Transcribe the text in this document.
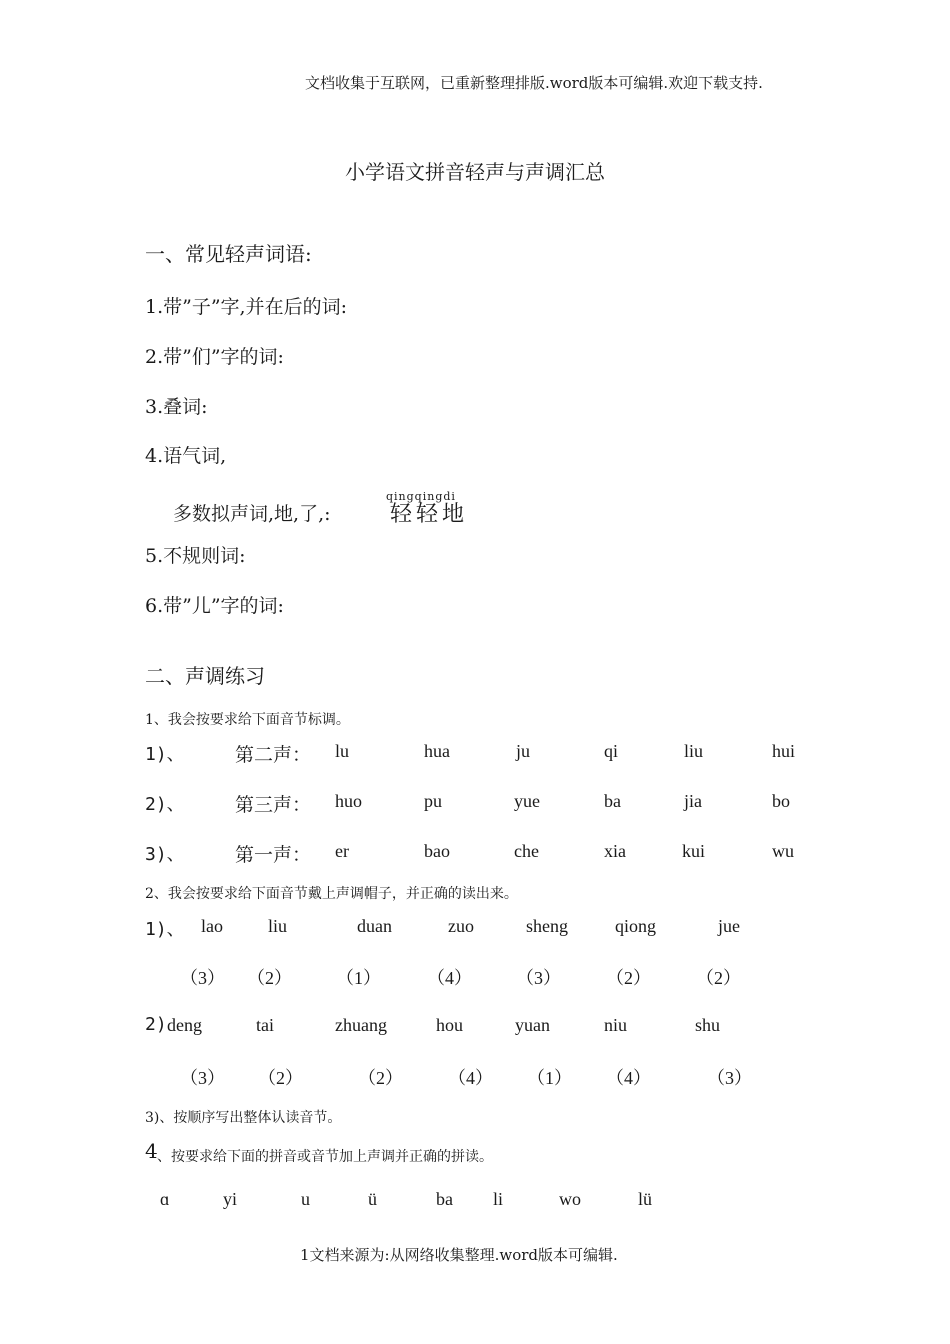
文档收集于互联网，已重新整理排版.word版本可编辑.欢迎下载支持.
小学语文拼音轻声与声调汇总
一、常见轻声词语:
1.带”子”字,并在后的词:
2.带”们”字的词:
3.叠词:
4.语气词,
多数拟声词,地,了,:
qingqingdi
轻轻地
5.不规则词:
6.带”儿”字的词:
二、声调练习
1、我会按要求给下面音节标调。
1)、	第二声： lu	hua	ju	qi	liu	hui
2)、	第三声： huo	pu	yue	ba	jia	bo
3)、	第一声： er	bao	che	xia	kui	wu
2、我会按要求给下面音节戴上声调帽子，并正确的读出来。
1)、 lao	liu	duan	zuo	sheng	qiong	jue
（3） （2） （1）	（4） （3）	（2）	（2）
2) deng	tai	zhuang	hou	yuan	niu	shu
（3） （2）	（2）	（4） （1） （4）	（3）
3)、按顺序写出整体认读音节。
4 、按要求给下面的拼音或音节加上声调并正确的拼读。
ɑ	yi	u	ü	ba li	wo	lü
1文档来源为:从网络收集整理.word版本可编辑.
